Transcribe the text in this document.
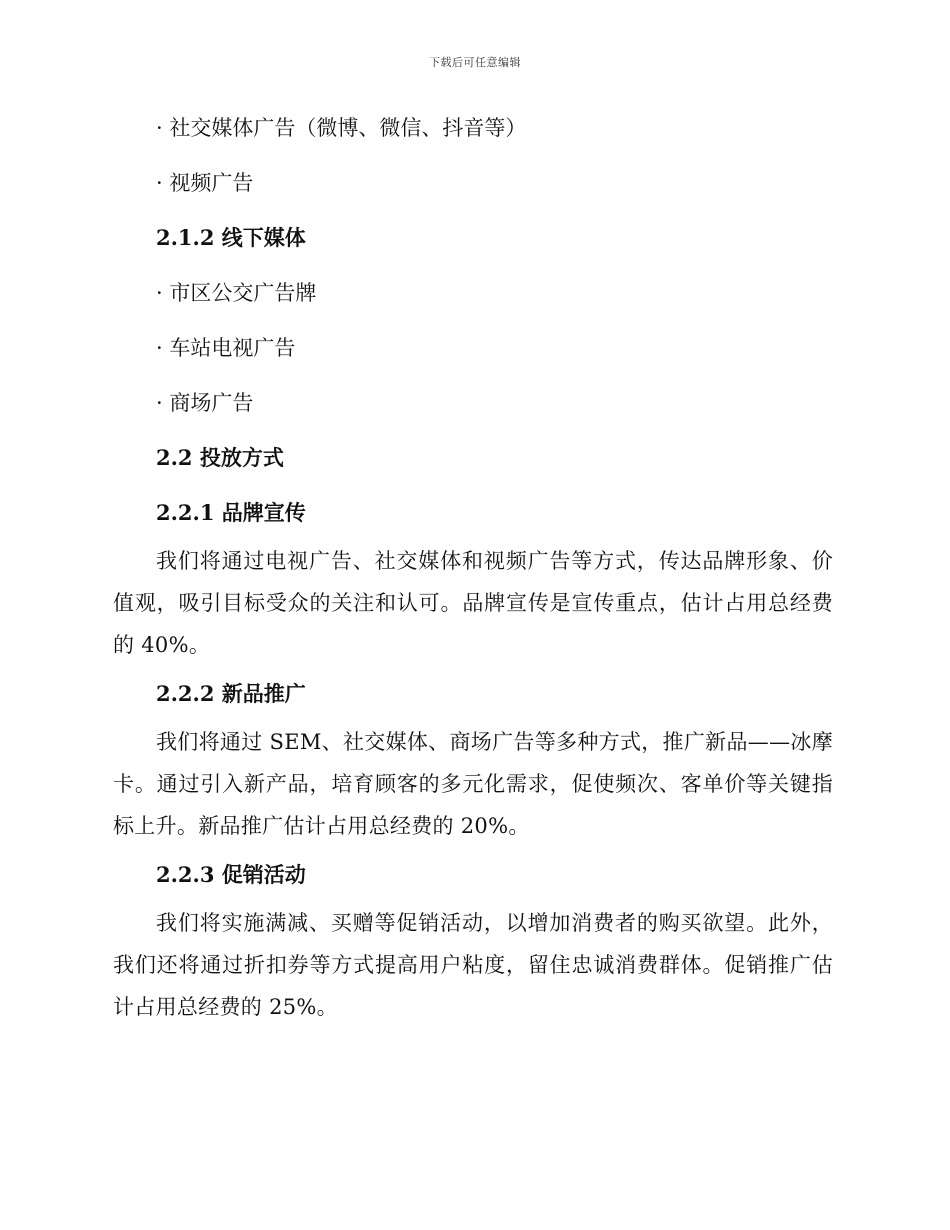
下载后可任意编辑

· 社交媒体广告（微博、微信、抖音等）

· 视频广告

2.1.2 线下媒体

· 市区公交广告牌

· 车站电视广告

· 商场广告

2.2 投放方式

2.2.1 品牌宣传

我们将通过电视广告、社交媒体和视频广告等方式，传达品牌形象、价值观，吸引目标受众的关注和认可。品牌宣传是宣传重点，估计占用总经费的 40%。

2.2.2 新品推广

我们将通过 SEM、社交媒体、商场广告等多种方式，推广新品——冰摩卡。通过引入新产品，培育顾客的多元化需求，促使频次、客单价等关键指标上升。新品推广估计占用总经费的 20%。

2.2.3 促销活动

我们将实施满减、买赠等促销活动，以增加消费者的购买欲望。此外，我们还将通过折扣券等方式提高用户粘度，留住忠诚消费群体。促销推广估计占用总经费的 25%。
